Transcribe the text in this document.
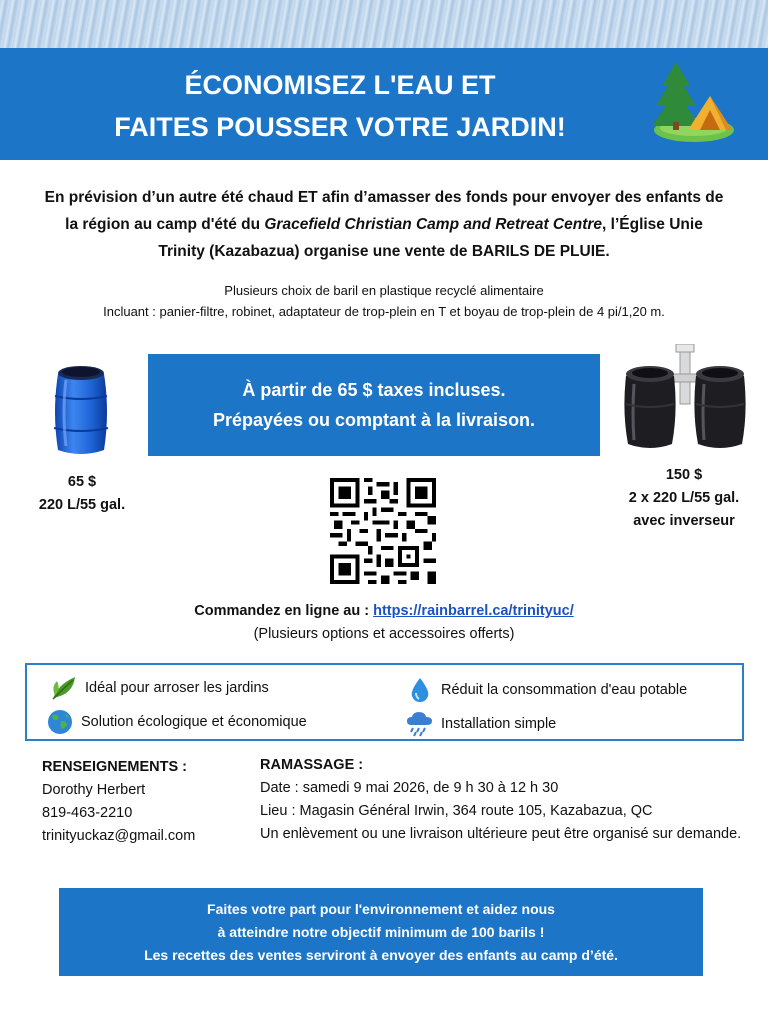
ÉCONOMISEZ L'EAU ET
FAITES POUSSER VOTRE JARDIN!
En prévision d’un autre été chaud ET afin d’amasser des fonds pour envoyer des enfants de la région au camp d'été du Gracefield Christian Camp and Retreat Centre, l’Église Unie Trinity (Kazabazua) organise une vente de BARILS DE PLUIE.
Plusieurs choix de baril en plastique recyclé alimentaire
Incluant : panier-filtre, robinet, adaptateur de trop-plein en T et boyau de trop-plein de 4 pi/1,20 m.
65 $
220 L/55 gal.
À partir de 65 $ taxes incluses.
Prépayées ou comptant à la livraison.
150 $
2 x 220 L/55 gal.
avec inverseur
Commandez en ligne au : https://rainbarrel.ca/trinityuc/
(Plusieurs options et accessoires offerts)
Idéal pour arroser les jardins	Réduit la consommation d'eau potable
Solution écologique et économique	Installation simple
RENSEIGNEMENTS :
Dorothy Herbert
819-463-2210
trinityuckaz@gmail.com
RAMASSAGE :
Date : samedi 9 mai 2026, de 9 h 30 à 12 h 30
Lieu : Magasin Général Irwin, 364 route 105, Kazabazua, QC
Un enlèvement ou une livraison ultérieure peut être organisé sur demande.
Faites votre part pour l'environnement et aidez nous
à atteindre notre objectif minimum de 100 barils !
Les recettes des ventes serviront à envoyer des enfants au camp d’été.
